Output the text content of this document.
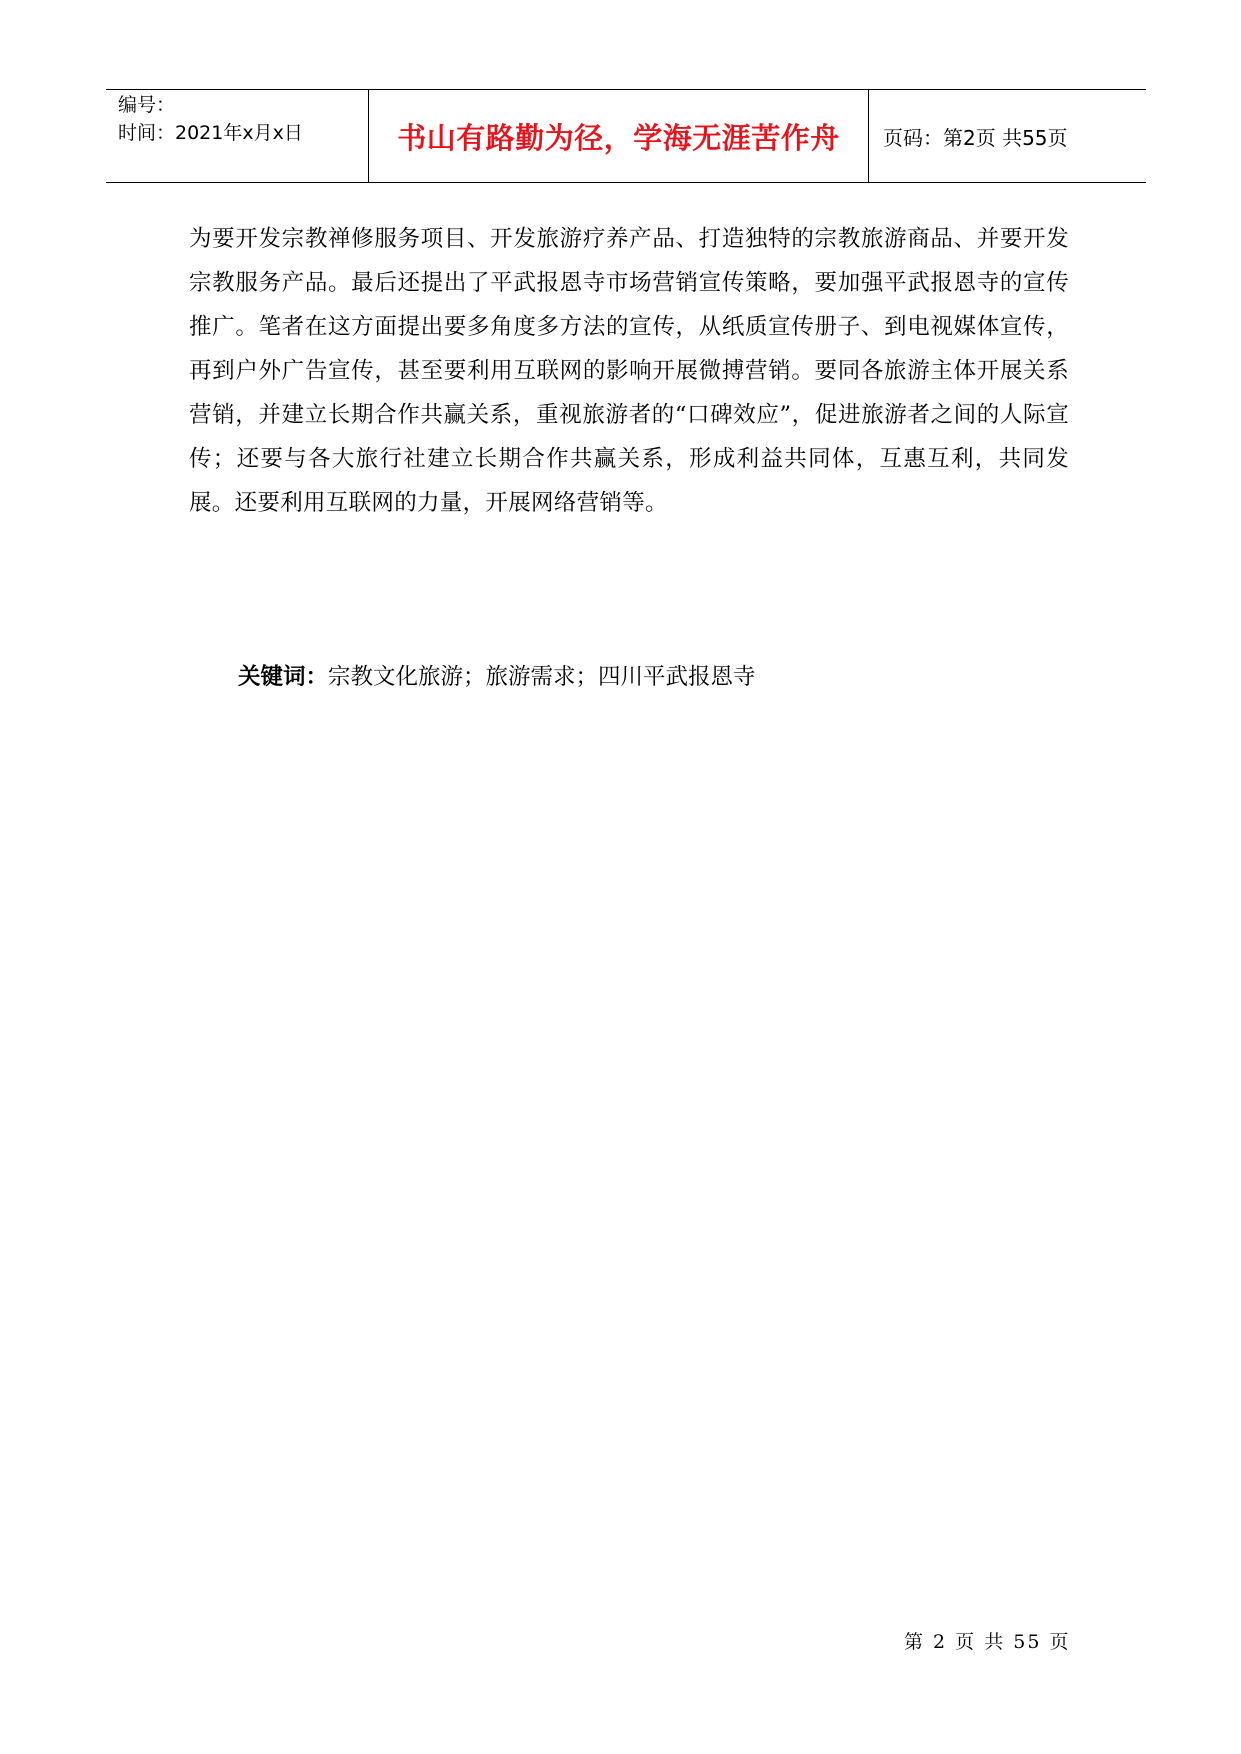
编号：
时间：2021年x月x日	书山有路勤为径，学海无涯苦作舟	页码：第2页 共55页
为要开发宗教禅修服务项目、开发旅游疗养产品、打造独特的宗教旅游商品、并要开发宗教服务产品。最后还提出了平武报恩寺市场营销宣传策略，要加强平武报恩寺的宣传推广。笔者在这方面提出要多角度多方法的宣传，从纸质宣传册子、到电视媒体宣传，再到户外广告宣传，甚至要利用互联网的影响开展微搏营销。要同各旅游主体开展关系营销，并建立长期合作共赢关系，重视旅游者的“口碑效应”，促进旅游者之间的人际宣传；还要与各大旅行社建立长期合作共赢关系，形成利益共同体，互惠互利，共同发展。还要利用互联网的力量，开展网络营销等。
关键词：宗教文化旅游；旅游需求；四川平武报恩寺
第 2 页 共 55 页
